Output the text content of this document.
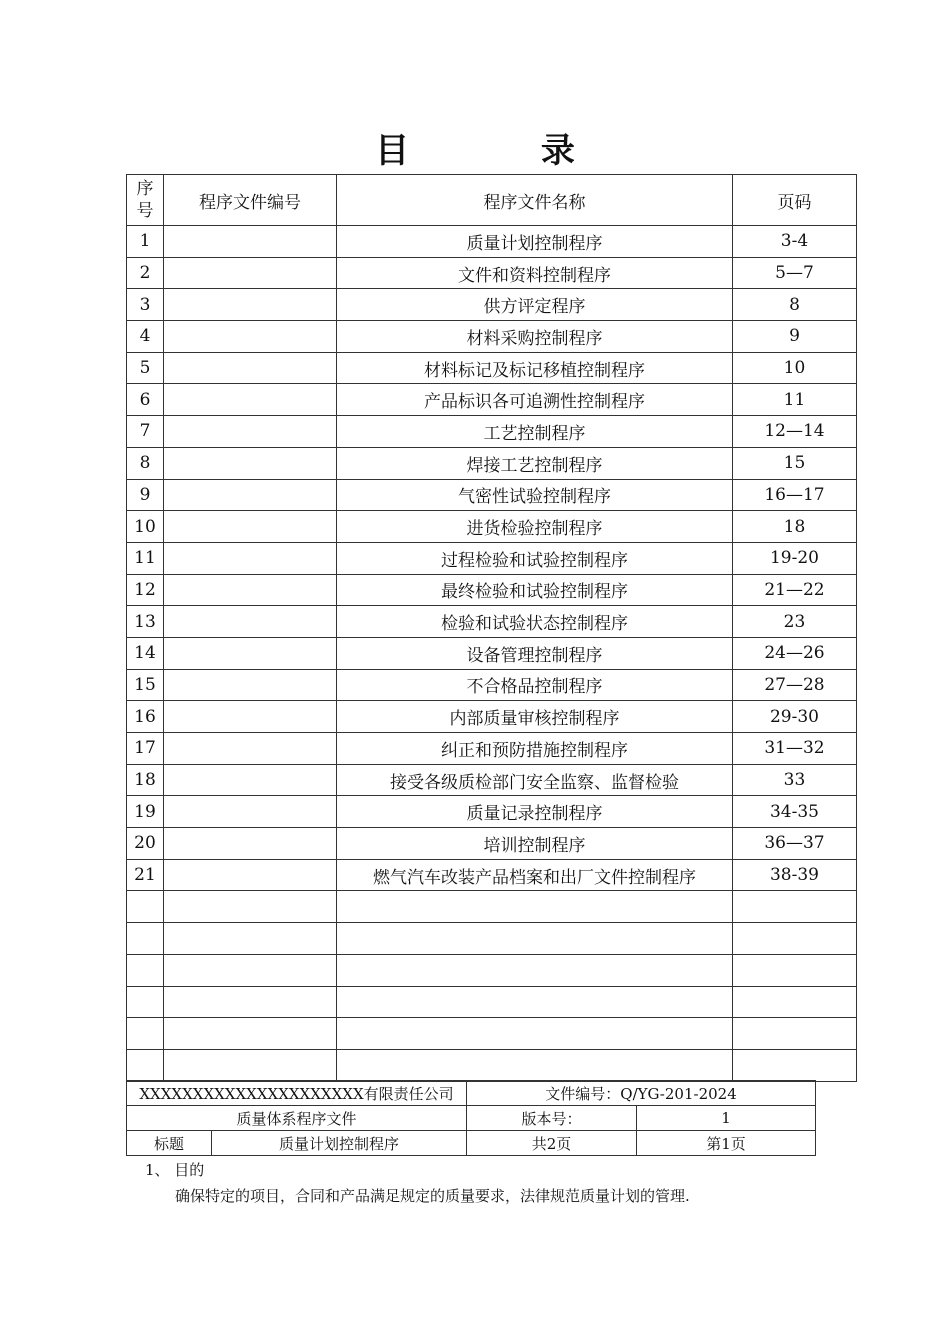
目 录
序
号	程序文件编号	程序文件名称	页码
1		质量计划控制程序	3-4
2		文件和资料控制程序	5—7
3		供方评定程序	8
4		材料采购控制程序	9
5		材料标记及标记移植控制程序	10
6		产品标识各可追溯性控制程序	11
7		工艺控制程序	12—14
8		焊接工艺控制程序	15
9		气密性试验控制程序	16—17
10		进货检验控制程序	18
11		过程检验和试验控制程序	19-20
12		最终检验和试验控制程序	21—22
13		检验和试验状态控制程序	23
14		设备管理控制程序	24—26
15		不合格品控制程序	27—28
16		内部质量审核控制程序	29-30
17		纠正和预防措施控制程序	31—32
18		接受各级质检部门安全监察、监督检验	33
19		质量记录控制程序	34-35
20		培训控制程序	36—37
21		燃气汽车改装产品档案和出厂文件控制程序	38-39

XXXXXXXXXXXXXXXXXXXXX有限责任公司		文件编号：Q/YG-201-2024	
质量体系程序文件		版本号：	1
标题	质量计划控制程序	共2页	第1页
1、 目的
确保特定的项目，合同和产品满足规定的质量要求，法律规范质量计划的管理.
